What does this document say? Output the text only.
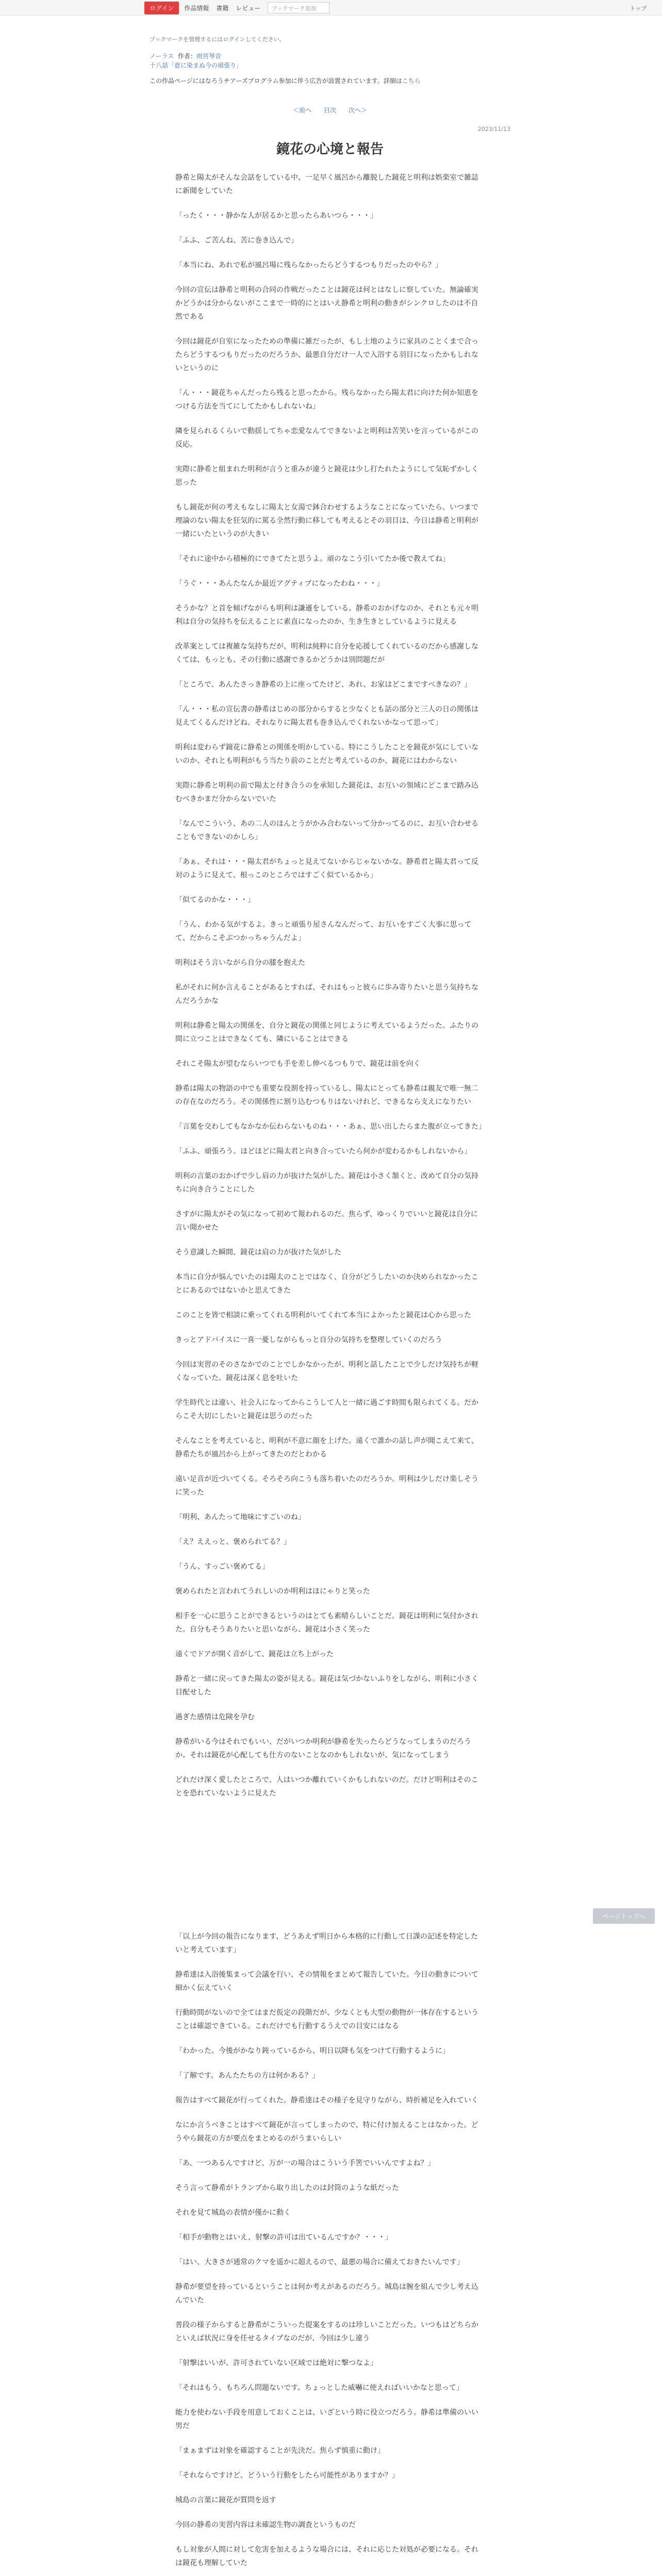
ログイン	作品情報 書籍 レビュー	ブックマーク追加	トップ
ブックマークを管理するにはログインしてください。
ノーラス 作者：雨宮琴音
十八話「意に染まぬ今の頑張り」
この作品ページにはなろうチアーズプログラム参加に伴う広告が設置されています。詳細はこちら
＜前へ 目次 次へ＞
2023/11/13
鏡花の心境と報告

静希と陽太がそんな会話をしている中、一足早く風呂から離脱した鏡花と明利は娯楽室で雑誌に新聞をしていた

「ったく・・・静かな人が居るかと思ったらあいつら・・・」

「ふふ、ご苦んね、苦に巻き込んで」

「本当にね、あれで私が風呂場に残らなかったらどうするつもりだったのやら？」

今回の宣伝は静希と明利の合同の作戦だったことは鏡花は何とはなしに察していた。無論確実かどうかは分からないがここまで一時的にとはいえ静希と明利の動きがシンクロしたのは不自然である

今回は鏡花が自室になったための準備に雑だったが、もし土地のように家具のことくまで合ったらどうするつもりだったのだろうか、最悪自分だけ一人で入浴する羽目になったかもしれないというのに

「ん・・・鏡花ちゃんだったら残ると思ったから。残らなかったら陽太君に向けた何か知恵をつける方法を当てにしてたかもしれないね」

隣を見られるくらいで動揺してちゃ恋愛なんてできないよと明利は苦笑いを言っているがこの反応。

実際に静希と組まれた明利が言うと重みが違うと鏡花は少し打たれたようにして気恥ずかしく思った

もし鏡花が何の考えもなしに陽太と女湯で鉢合わせするようなことになっていたら、いつまで理論のない陽太を狂気的に罵る全然行動に移しても考えるとその羽目は、今日は静希と明利が一緒にいたというのが大きい

「それに途中から積極的にできてたと思うよ。頑のなこう引いてたか後で教えてね」

「うぐ・・・あんたなんか最近アグティブになったわね・・・」

そうかな？と首を傾げながらも明利は謙遜をしている。静希のおかげなのか、それとも元々明利は自分の気持ちを伝えることに素直になったのか、生き生きとしているように見える

改革案としては複雑な気持ちだが、明利は純粋に自分を応援してくれているのだから感謝しなくては、もっとも、その行動に感謝できるかどうかは別問題だが

「ところで、あんたさっき静希の上に座ってたけど、あれ、お家はどこまですべきなの？」

「ん・・・私の宣伝書の静希はじめの部分からすると少なくとも話の部分と三人の日の関係は見えてくるんだけどね、それなりに陽太君も巻き込んでくれないかなって思って」

明利は変わらず鏡花に静希との関係を明かしている。特にこうしたことを鏡花が気にしていないのか、それとも明利がもう当たり前のことだと考えているのか、鏡花にはわからない

実際に静希と明利の前で陽太と付き合うのを承知した鏡花は、お互いの領域にどこまで踏み込むべきかまだ分からないでいた

「なんでこういう、あの二人のほんとうがかみ合わないって分かってるのに、お互い合わせることもできないのかしら」

「あぁ、それは・・・陽太君がちょっと見えてないからじゃないかな。静希君と陽太君って反対のように見えて、根っこのところではすごく似ているから」

「似てるのかな・・・」

「うん、わかる気がするよ。きっと頑張り屋さんなんだって、お互いをすごく大事に思ってて、だからこそぶつかっちゃうんだよ」

明利はそう言いながら自分の膝を抱えた

私がそれに何か言えることがあるとすれば、それはもっと彼らに歩み寄りたいと思う気持ちなんだろうかな

明利は静希と陽太の関係を、自分と鏡花の関係と同じように考えているようだった。ふたりの間に立つことはできなくても、隣にいることはできる

それこそ陽太が望むならいつでも手を差し伸べるつもりで、鏡花は前を向く

静希は陽太の物語の中でも重要な役割を持っているし、陽太にとっても静希は親友で唯一無二の存在なのだろう。その関係性に割り込むつもりはないけれど、できるなら支えになりたい

「言葉を交わしてもなかなか伝わらないものね・・・あぁ、思い出したらまた腹が立ってきた」

「ふふ、頑張ろう。ほどほどに陽太君と向き合っていたら何かが変わるかもしれないから」

明利の言葉のおかげで少し肩の力が抜けた気がした。鏡花は小さく頷くと、改めて自分の気持ちに向き合うことにした

さすがに陽太がその気になって初めて報われるのだ。焦らず、ゆっくりでいいと鏡花は自分に言い聞かせた

そう意識した瞬間、鏡花は肩の力が抜けた気がした

本当に自分が悩んでいたのは陽太のことではなく、自分がどうしたいのか決められなかったことにあるのではないかと思えてきた

このことを皆で相談に乗ってくれる明利がいてくれて本当によかったと鏡花は心から思った

きっとアドバイスに一喜一憂しながらもっと自分の気持ちを整理していくのだろう

今回は実習のそのさなかでのことでしかなかったが、明利と話したことで少しだけ気持ちが軽くなっていた。鏡花は深く息を吐いた

学生時代とは違い、社会人になってからこうして人と一緒に過ごす時間も限られてくる。だからこそ大切にしたいと鏡花は思うのだった

そんなことを考えていると、明利が不意に顔を上げた。遠くで誰かの話し声が聞こえて来て、静希たちが風呂から上がってきたのだとわかる

遠い足音が近づいてくる。そろそろ向こうも落ち着いたのだろうか。明利は少しだけ楽しそうに笑った

「明利、あんたって地味にすごいのね」

「え？ええっと、褒められてる？」

「うん、すっごい褒めてる」

褒められたと言われてうれしいのか明利はほにゃりと笑った

相手を一心に思うことができるというのはとても素晴らしいことだ。鏡花は明利に気付かされた。自分もそうありたいと思いながら、鏡花は小さく笑った

遠くでドアが開く音がして、鏡花は立ち上がった

静希と一緒に戻ってきた陽太の姿が見える。鏡花は気づかないふりをしながら、明利に小さく目配せした

過ぎた感情は危険を孕む

静希がいる今はそれでもいい、だがいつか明利が静希を失ったらどうなってしまうのだろうか。それは鏡花が心配しても仕方のないことなのかもしれないが、気になってしまう

どれだけ深く愛したところで、人はいつか離れていくかもしれないのだ。だけど明利はそのことを恐れていないように見えた

「以上が今回の報告になります、どうあえず明日から本格的に行動して日課の記述を特定したいと考えています」

静希達は入浴後集まって会議を行い、その情報をまとめて報告していた。今日の動きについて細かく伝えていく

行動時間がないので全てはまだ仮定の段階だが、少なくとも大型の動物が一体存在するということは確認できている。これだけでも行動するうえでの目安にはなる

「わかった。今後がかなり鈍っているから、明日以降も気をつけて行動するように」

「了解です。あんたたちの方は何かある？」

報告はすべて鏡花が行ってくれた。静希達はその様子を見守りながら、時折補足を入れていく

なにか言うべきことはすべて鏡花が言ってしまったので、特に付け加えることはなかった。どうやら鏡花の方が要点をまとめるのがうまいらしい

「あ、一つあるんですけど、万が一の場合はこういう手筈でいいんですよね？」

そう言って静希がトランプから取り出したのは封筒のような紙だった

それを見て城島の表情が僅かに動く

「相手が動物とはいえ、射撃の許可は出ているんですか？・・・」

「はい、大きさが通常のクマを遥かに超えるので、最悪の場合に備えておきたいんです」

静希が要望を持っているということは何か考えがあるのだろう。城島は腕を組んで少し考え込んでいた

普段の様子からすると静希がこういった提案をするのは珍しいことだった。いつもはどちらかといえば状況に身を任せるタイプなのだが、今回は少し違う

「射撃はいいが、許可されていない区域では絶対に撃つなよ」

「それはもう、もちろん問題ないです。ちょっとした威嚇に使えればいいかなと思って」

能力を使わない手段を用意しておくことは、いざという時に役立つだろう。静希は準備のいい男だ

「まぁまずは対象を確認することが先決だ。焦らず慎重に動け」

「それならですけど、どういう行動をしたら可能性がありますか？」

城島の言葉に鏡花が質問を返す

今回の静希の実習内容は未確認生物の調査というものだ

もし対象が人間に対して危害を加えるような場合には、それに応じた対処が必要になる。それは鏡花も理解していた

ページトップへ
